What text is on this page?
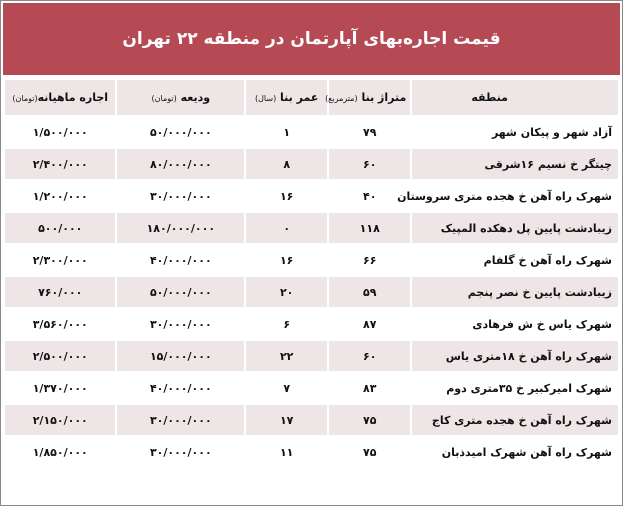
قیمت اجاره‌بهای آپارتمان در منطقه ۲۲ تهران
منطقه	متراژ بنا (مترمربع)	عمر بنا (سال)	ودیعه (تومان)	اجاره ماهیانه(تومان)
آزاد شهر و پیکان شهر	۷۹	۱	۵۰/۰۰۰/۰۰۰	۱/۵۰۰/۰۰۰
چیتگر خ نسیم ۱۶شرقی	۶۰	۸	۸۰/۰۰۰/۰۰۰	۲/۴۰۰/۰۰۰
شهرک راه آهن خ هجده متری سروستان	۴۰	۱۶	۳۰/۰۰۰/۰۰۰	۱/۲۰۰/۰۰۰
زیبادشت پایین پل دهکده المپیک	۱۱۸	۰	۱۸۰/۰۰۰/۰۰۰	۵۰۰/۰۰۰
شهرک راه آهن خ گلفام	۶۶	۱۶	۴۰/۰۰۰/۰۰۰	۲/۳۰۰/۰۰۰
زیبادشت پایین خ نصر پنجم	۵۹	۲۰	۵۰/۰۰۰/۰۰۰	۷۶۰/۰۰۰
شهرک یاس خ ش فرهادی	۸۷	۶	۳۰/۰۰۰/۰۰۰	۳/۵۶۰/۰۰۰
شهرک راه آهن خ ۱۸متری یاس	۶۰	۲۲	۱۵/۰۰۰/۰۰۰	۲/۵۰۰/۰۰۰
شهرک امیرکبیر خ ۳۵متری دوم	۸۳	۷	۴۰/۰۰۰/۰۰۰	۱/۳۷۰/۰۰۰
شهرک راه آهن خ هجده متری کاج	۷۵	۱۷	۳۰/۰۰۰/۰۰۰	۲/۱۵۰/۰۰۰
شهرک راه آهن شهرک امیدذبان	۷۵	۱۱	۳۰/۰۰۰/۰۰۰	۱/۸۵۰/۰۰۰
